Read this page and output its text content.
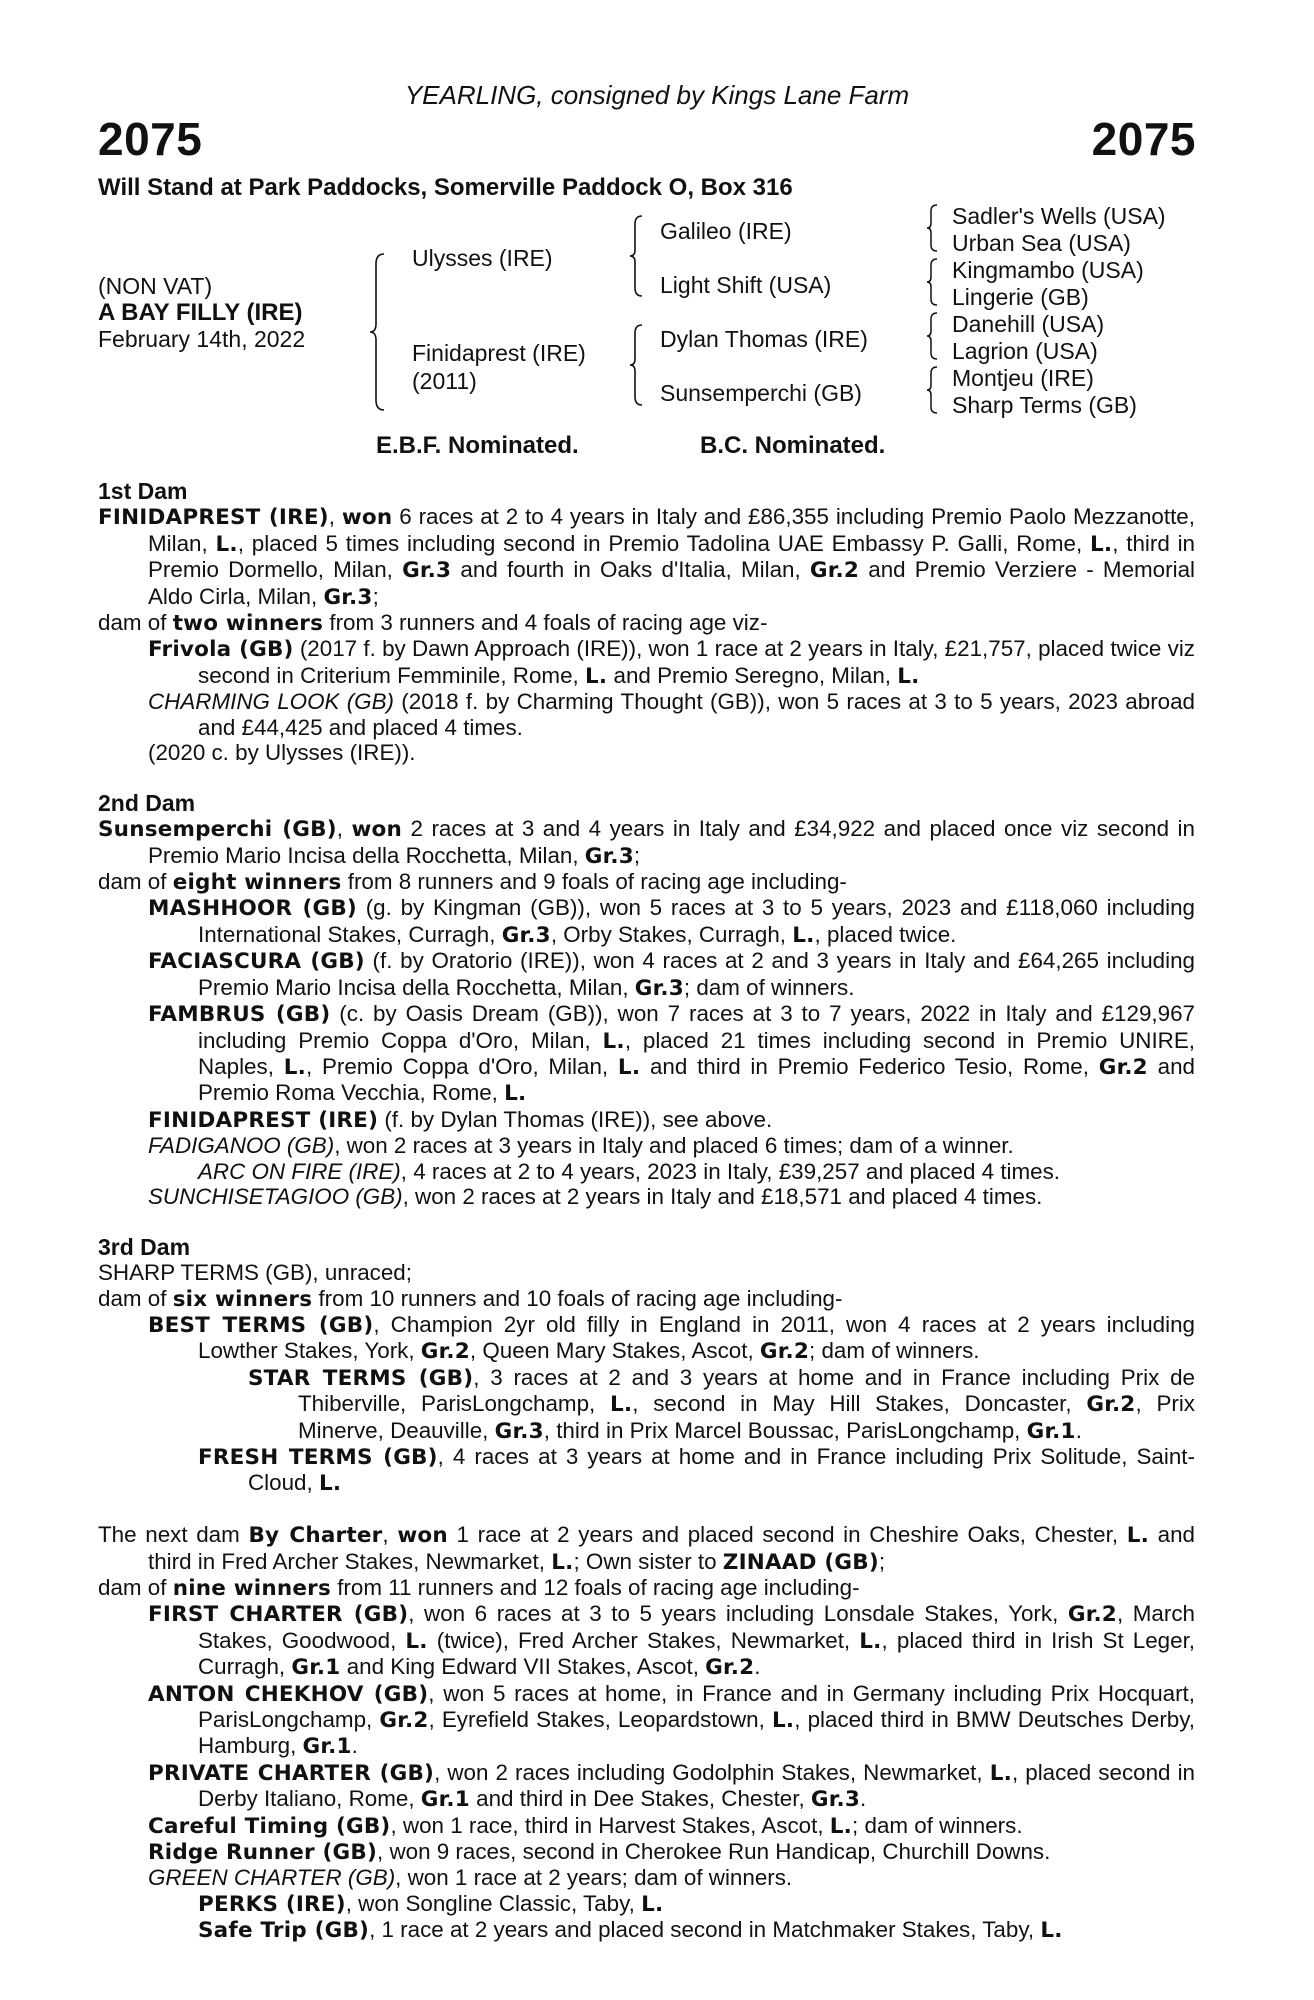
YEARLING, consigned by Kings Lane Farm
2075	2075
Will Stand at Park Paddocks, Somerville Paddock O, Box 316
(NON VAT)
A BAY FILLY (IRE)
February 14th, 2022
Ulysses (IRE)
Finidaprest (IRE)
(2011)
Galileo (IRE)
Light Shift (USA)
Dylan Thomas (IRE)
Sunsemperchi (GB)
Sadler's Wells (USA)
Urban Sea (USA)
Kingmambo (USA)
Lingerie (GB)
Danehill (USA)
Lagrion (USA)
Montjeu (IRE)
Sharp Terms (GB)
E.B.F. Nominated.	B.C. Nominated.
1st Dam
FINIDAPREST (IRE), won 6 races at 2 to 4 years in Italy and £86,355 including Premio Paolo Mezzanotte, Milan, L., placed 5 times including second in Premio Tadolina UAE Embassy P. Galli, Rome, L., third in Premio Dormello, Milan, Gr.3 and fourth in Oaks d'Italia, Milan, Gr.2 and Premio Verziere - Memorial Aldo Cirla, Milan, Gr.3;
dam of two winners from 3 runners and 4 foals of racing age viz-
Frivola (GB) (2017 f. by Dawn Approach (IRE)), won 1 race at 2 years in Italy, £21,757, placed twice viz second in Criterium Femminile, Rome, L. and Premio Seregno, Milan, L.
CHARMING LOOK (GB) (2018 f. by Charming Thought (GB)), won 5 races at 3 to 5 years, 2023 abroad and £44,425 and placed 4 times.
(2020 c. by Ulysses (IRE)).
2nd Dam
Sunsemperchi (GB), won 2 races at 3 and 4 years in Italy and £34,922 and placed once viz second in Premio Mario Incisa della Rocchetta, Milan, Gr.3;
dam of eight winners from 8 runners and 9 foals of racing age including-
MASHHOOR (GB) (g. by Kingman (GB)), won 5 races at 3 to 5 years, 2023 and £118,060 including International Stakes, Curragh, Gr.3, Orby Stakes, Curragh, L., placed twice.
FACIASCURA (GB) (f. by Oratorio (IRE)), won 4 races at 2 and 3 years in Italy and £64,265 including Premio Mario Incisa della Rocchetta, Milan, Gr.3; dam of winners.
FAMBRUS (GB) (c. by Oasis Dream (GB)), won 7 races at 3 to 7 years, 2022 in Italy and £129,967 including Premio Coppa d'Oro, Milan, L., placed 21 times including second in Premio UNIRE, Naples, L., Premio Coppa d'Oro, Milan, L. and third in Premio Federico Tesio, Rome, Gr.2 and Premio Roma Vecchia, Rome, L.
FINIDAPREST (IRE) (f. by Dylan Thomas (IRE)), see above.
FADIGANOO (GB), won 2 races at 3 years in Italy and placed 6 times; dam of a winner.
ARC ON FIRE (IRE), 4 races at 2 to 4 years, 2023 in Italy, £39,257 and placed 4 times.
SUNCHISETAGIOO (GB), won 2 races at 2 years in Italy and £18,571 and placed 4 times.
3rd Dam
SHARP TERMS (GB), unraced;
dam of six winners from 10 runners and 10 foals of racing age including-
BEST TERMS (GB), Champion 2yr old filly in England in 2011, won 4 races at 2 years including Lowther Stakes, York, Gr.2, Queen Mary Stakes, Ascot, Gr.2; dam of winners.
STAR TERMS (GB), 3 races at 2 and 3 years at home and in France including Prix de Thiberville, ParisLongchamp, L., second in May Hill Stakes, Doncaster, Gr.2, Prix Minerve, Deauville, Gr.3, third in Prix Marcel Boussac, ParisLongchamp, Gr.1.
FRESH TERMS (GB), 4 races at 3 years at home and in France including Prix Solitude, Saint-Cloud, L.
The next dam By Charter, won 1 race at 2 years and placed second in Cheshire Oaks, Chester, L. and third in Fred Archer Stakes, Newmarket, L.; Own sister to ZINAAD (GB);
dam of nine winners from 11 runners and 12 foals of racing age including-
FIRST CHARTER (GB), won 6 races at 3 to 5 years including Lonsdale Stakes, York, Gr.2, March Stakes, Goodwood, L. (twice), Fred Archer Stakes, Newmarket, L., placed third in Irish St Leger, Curragh, Gr.1 and King Edward VII Stakes, Ascot, Gr.2.
ANTON CHEKHOV (GB), won 5 races at home, in France and in Germany including Prix Hocquart, ParisLongchamp, Gr.2, Eyrefield Stakes, Leopardstown, L., placed third in BMW Deutsches Derby, Hamburg, Gr.1.
PRIVATE CHARTER (GB), won 2 races including Godolphin Stakes, Newmarket, L., placed second in Derby Italiano, Rome, Gr.1 and third in Dee Stakes, Chester, Gr.3.
Careful Timing (GB), won 1 race, third in Harvest Stakes, Ascot, L.; dam of winners.
Ridge Runner (GB), won 9 races, second in Cherokee Run Handicap, Churchill Downs.
GREEN CHARTER (GB), won 1 race at 2 years; dam of winners.
PERKS (IRE), won Songline Classic, Taby, L.
Safe Trip (GB), 1 race at 2 years and placed second in Matchmaker Stakes, Taby, L.
